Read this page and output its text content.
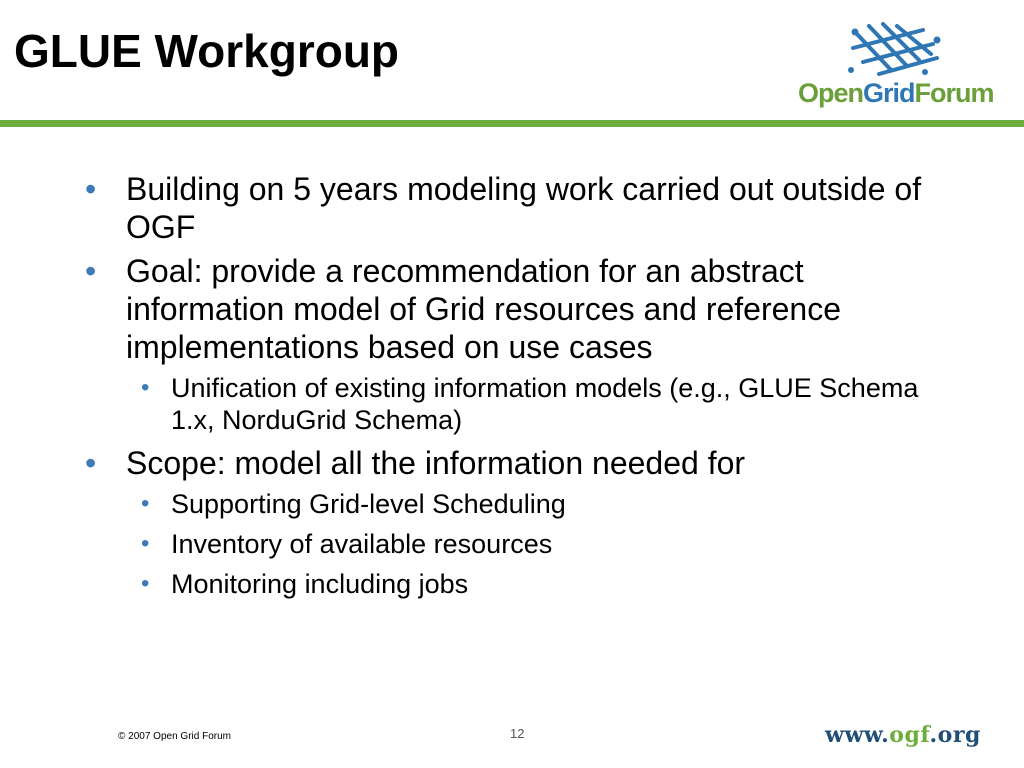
GLUE Workgroup
OpenGridForum
• Building on 5 years modeling work carried out outside of OGF
• Goal: provide a recommendation for an abstract information model of Grid resources and reference implementations based on use cases
• Unification of existing information models (e.g., GLUE Schema 1.x, NorduGrid Schema)
• Scope: model all the information needed for
• Supporting Grid-level Scheduling
• Inventory of available resources
• Monitoring including jobs
© 2007 Open Grid Forum	12	www.ogf.org
